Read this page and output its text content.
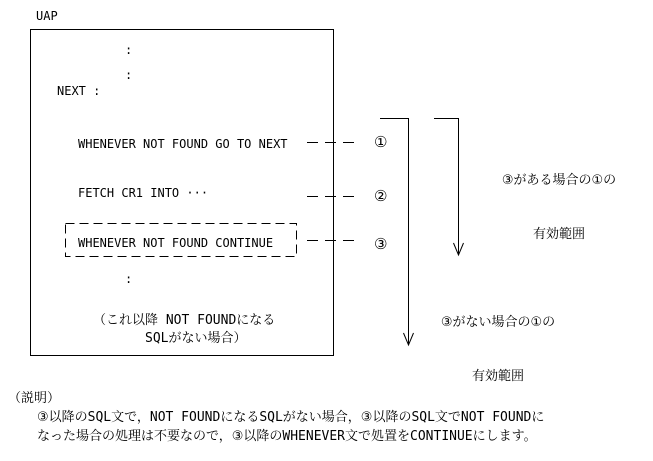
UAP
:
:
NEXT :
WHENEVER NOT FOUND GO TO NEXT
FETCH CR1 INTO ···
WHENEVER NOT FOUND CONTINUE
:
（これ以降 NOT FOUNDになる
SQLがない場合）
①
②
③

③がある場合の①の

有効範囲

③がない場合の①の

有効範囲

（説明）
③以降のSQL文で，NOT FOUNDになるSQLがない場合，③以降のSQL文でNOT FOUNDに
なった場合の処理は不要なので，③以降のWHENEVER文で処置をCONTINUEにします。
